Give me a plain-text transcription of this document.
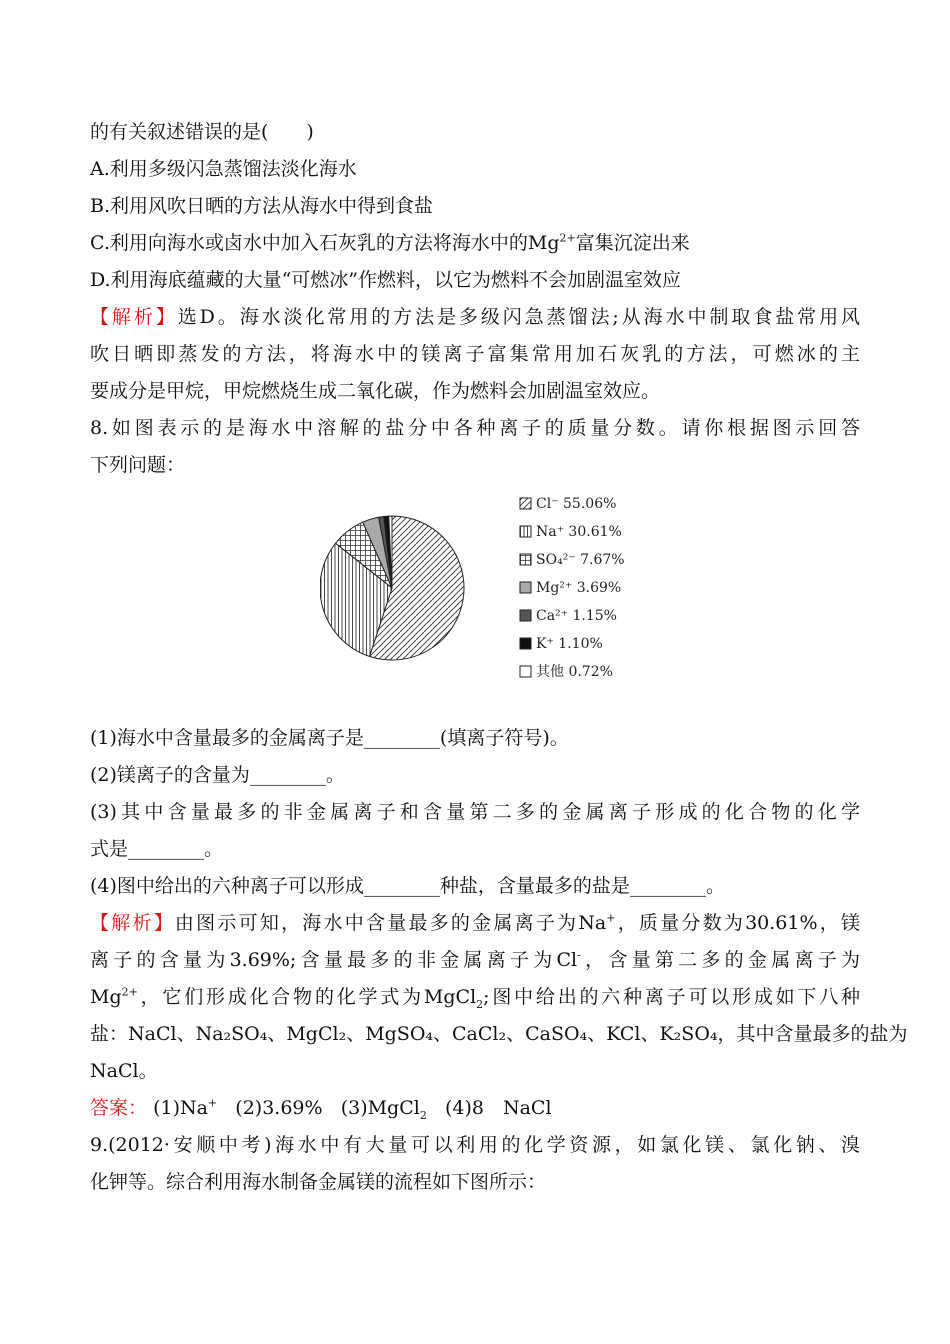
的有关叙述错误的是(　　)
A.利用多级闪急蒸馏法淡化海水
B.利用风吹日晒的方法从海水中得到食盐
C.利用向海水或卤水中加入石灰乳的方法将海水中的$Mg^{2+}$富集沉淀出来
D.利用海底蕴藏的大量“可燃冰”作燃料，以它为燃料不会加剧温室效应
【解析】选D。海水淡化常用的方法是多级闪急蒸馏法;从海水中制取食盐常用风
吹日晒即蒸发的方法，将海水中的镁离子富集常用加石灰乳的方法，可燃冰的主
要成分是甲烷，甲烷燃烧生成二氧化碳，作为燃料会加剧温室效应。
8.如图表示的是海水中溶解的盐分中各种离子的质量分数。请你根据图示回答
下列问题：
Cl⁻ 55.06%
Na⁺ 30.61%
SO₄²⁻ 7.67%
Mg²⁺ 3.69%
Ca²⁺ 1.15%
K⁺ 1.10%
其他 0.72%
(1)海水中含量最多的金属离子是________(填离子符号)。
(2)镁离子的含量为________。
(3)其中含量最多的非金属离子和含量第二多的金属离子形成的化合物的化学
式是________。
(4)图中给出的六种离子可以形成________种盐，含量最多的盐是________。
【解析】由图示可知，海水中含量最多的金属离子为Na+，质量分数为30.61%，镁
离子的含量为3.69%;含量最多的非金属离子为Cl-，含量第二多的金属离子为
$Mg^{2+}$，它们形成化合物的化学式为MgCl$_2$;图中给出的六种离子可以形成如下八种
盐：NaCl、Na₂SO₄、MgCl₂、MgSO₄、CaCl₂、CaSO₄、KCl、K₂SO₄，其中含量最多的盐为
NaCl。
答案： (1)Na+ (2)3.69% (3)MgCl$_2$ (4)8　NaCl
9.(2012·安顺中考)海水中有大量可以利用的化学资源，如氯化镁、氯化钠、溴
化钾等。综合利用海水制备金属镁的流程如下图所示：
